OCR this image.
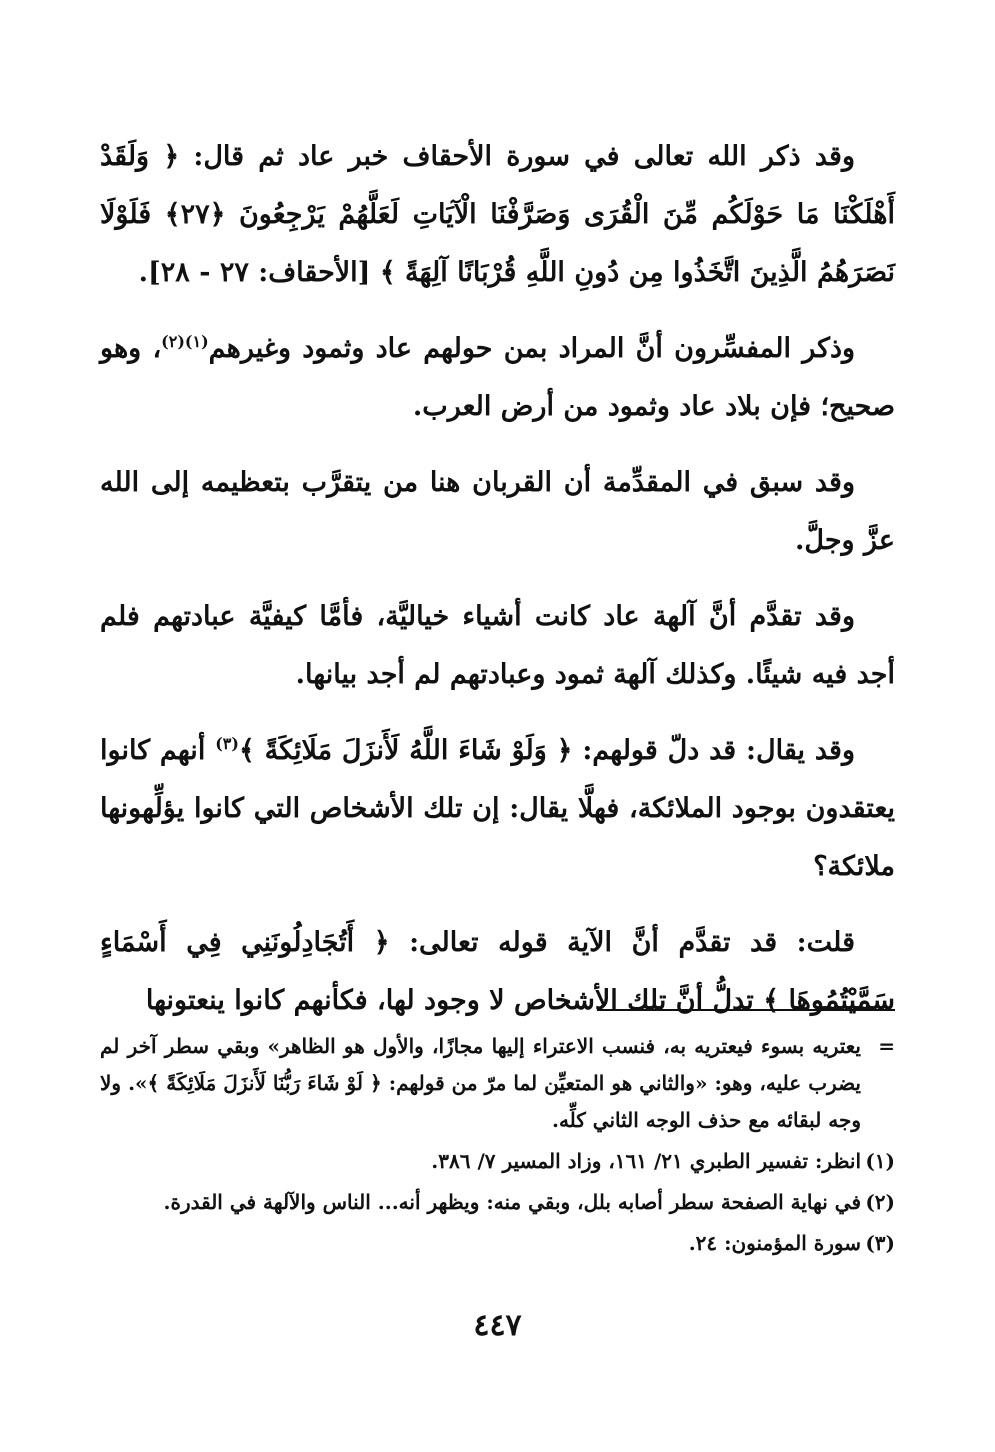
وقد ذكر الله تعالى في سورة الأحقاف خبر عاد ثم قال: ﴿ وَلَقَدْ أَهْلَكْنَا مَا حَوْلَكُم مِّنَ الْقُرَى وَصَرَّفْنَا الْآيَاتِ لَعَلَّهُمْ يَرْجِعُونَ ﴿٢٧﴾ فَلَوْلَا نَصَرَهُمُ الَّذِينَ اتَّخَذُوا مِن دُونِ اللَّهِ قُرْبَانًا آلِهَةً ﴾ [الأحقاف: ٢٧ - ٢٨].

وذكر المفسِّرون أنَّ المراد بمن حولهم عاد وثمود وغيرهم$^{(١)(٢)}$، وهو صحيح؛ فإن بلاد عاد وثمود من أرض العرب.

وقد سبق في المقدِّمة أن القربان هنا من يتقرَّب بتعظيمه إلى الله عزَّ وجلَّ.

وقد تقدَّم أنَّ آلهة عاد كانت أشياء خياليَّة، فأمَّا كيفيَّة عبادتهم فلم أجد فيه شيئًا. وكذلك آلهة ثمود وعبادتهم لم أجد بيانها.

وقد يقال: قد دلّ قولهم: ﴿ وَلَوْ شَاءَ اللَّهُ لَأَنزَلَ مَلَائِكَةً ﴾$^{(٣)}$ أنهم كانوا يعتقدون بوجود الملائكة، فهلَّا يقال: إن تلك الأشخاص التي كانوا يؤلِّهونها ملائكة؟

قلت: قد تقدَّم أنَّ الآية قوله تعالى: ﴿ أَتُجَادِلُونَنِي فِي أَسْمَاءٍ سَمَّيْتُمُوهَا ﴾ تدلُّ أنَّ تلك الأشخاص لا وجود لها، فكأنهم كانوا ينعتونها

=
يعتريه بسوء فيعتريه به، فنسب الاعتراء إليها مجازًا، والأول هو الظاهر» وبقي سطر آخر لم يضرب عليه، وهو: «والثاني هو المتعيِّن لما مرّ من قولهم: ﴿ لَوْ شَاءَ رَبُّنَا لَأَنزَلَ مَلَائِكَةً ﴾». ولا وجه لبقائه مع حذف الوجه الثاني كلِّه.
(١)
انظر: تفسير الطبري ٢١/ ١٦١، وزاد المسير ٧/ ٣٨٦.
(٢)
في نهاية الصفحة سطر أصابه بلل، وبقي منه: ويظهر أنه... الناس والآلهة في القدرة.
(٣)
سورة المؤمنون: ٢٤.
٤٤٧
